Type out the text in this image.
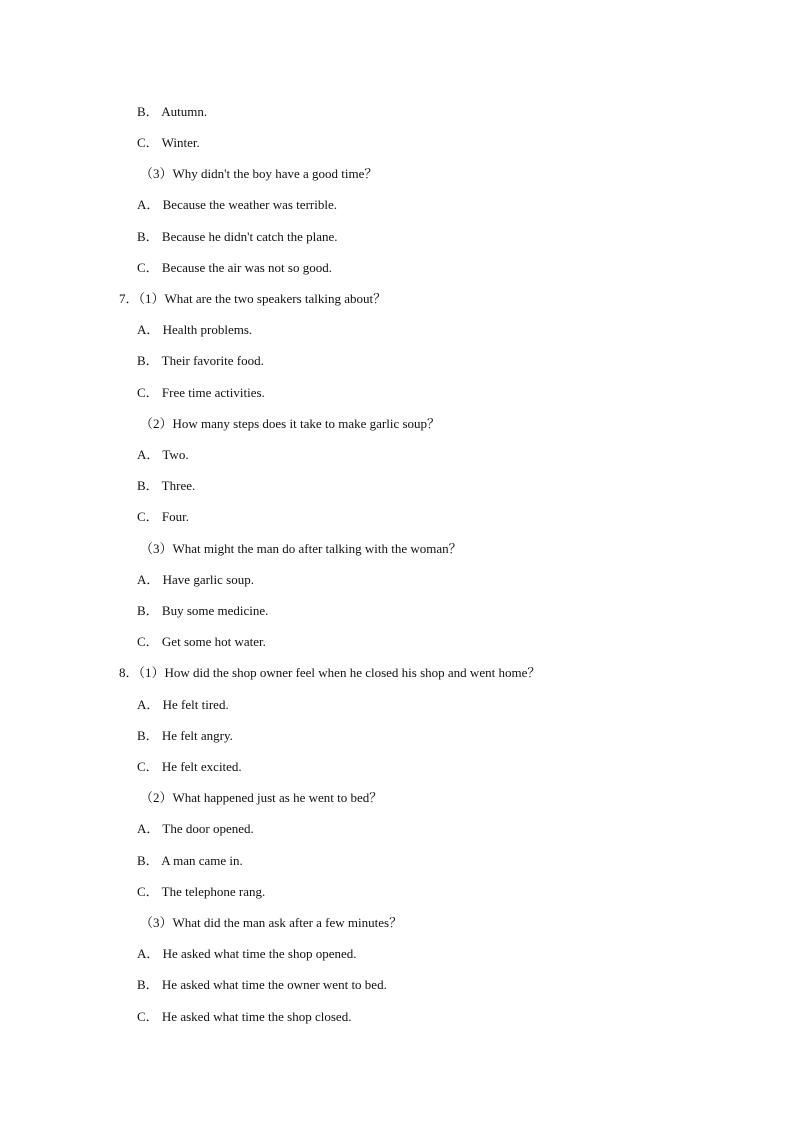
B． Autumn.
C． Winter.
（3）Why didn't the boy have a good time？
A． Because the weather was terrible.
B． Because he didn't catch the plane.
C． Because the air was not so good.
7．（1）What are the two speakers talking about？
A． Health problems.
B． Their favorite food.
C． Free time activities.
（2）How many steps does it take to make garlic soup？
A． Two.
B． Three.
C． Four.
（3）What might the man do after talking with the woman？
A． Have garlic soup.
B． Buy some medicine.
C． Get some hot water.
8．（1）How did the shop owner feel when he closed his shop and went home？
A． He felt tired.
B． He felt angry.
C． He felt excited.
（2）What happened just as he went to bed？
A． The door opened.
B． A man came in.
C． The telephone rang.
（3）What did the man ask after a few minutes？
A． He asked what time the shop opened.
B． He asked what time the owner went to bed.
C． He asked what time the shop closed.
